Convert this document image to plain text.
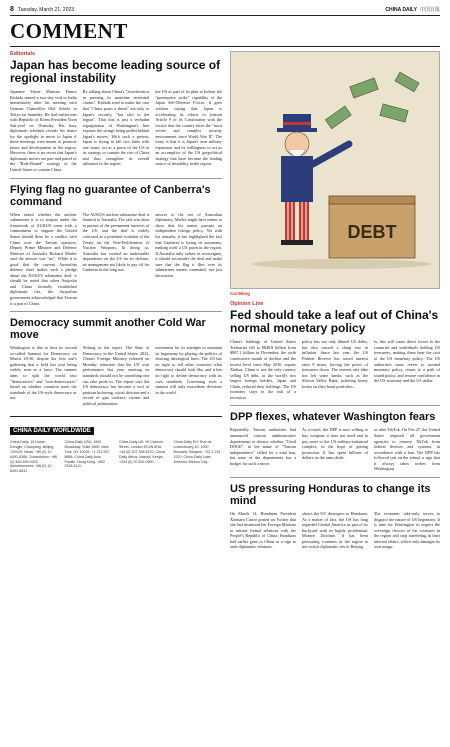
8 Tuesday, March 21, 2023	CHINA DAILY 中国日报
COMMENT
Editorials
Japan has become leading source of regional instability

Japanese Prime Minister Fumio Kishida started a two-day visit to India immediately after his meeting with German Chancellor Olaf Scholz in Tokyo on Saturday. He had earlier met with Republic of Korea President Yoon Suk-yeol on Thursday. His busy diplomatic schedule reveals his desire for the spotlight to move to Japan if these meetings were meant to promote peace and development in the region. However, there is no secret that Japan's diplomatic moves are part and parcel of the "Rule-Bound" strategy of the United States to contain China.

By talking about China's "assertiveness in pressing its maritime territorial claims", Kishida tried to make the case that "China poses a threat" not only to Japan's security, "but also to the region". That this is just a verbatim regurgitation of Washington's line exposes the strings being pulled behind Japan's moves. With such a pretext, Japan is trying to kill two birds with one stone: act as a pawn of the US in its strategy to contain the rise of China and thus strengthen its overall influence in the region.

the US as part of its plan to bolster the "preemptive strike" capability of the Japan Self-Defense Forces. It goes without saying that Japan is accelerating its efforts to jettison Article 9 of its Constitution with the excuse that the country faces the "most severe and complex security environment since World War II". The irony is that it is Japan's own military expansion and its willingness to act as an accomplice of the US geopolitical strategy that have become the leading source of instability in the region.

Flying flag no guarantee of Canberra's command

When asked whether the nuclear submarines it is to acquire under the framework of AUKUS come with a commitment to support the United States should there be a conflict with China over the Taiwan question, Deputy Prime Minister and Defense Minister of Australia Richard Marles said the answer was "no". While it is good that the current Australian defense chief makes such a pledge about the AUKUS submarine deal, it should be noted that when Australia and China formally established diplomatic ties, the Australian government acknowledged that Taiwan is a part of China.

The AUKUS nuclear submarine deal is harmful to Australia. The sale was done in pursuit of the preeminent interests of the US, and the deal is widely criticized as a potential violation of the Treaty on the Non-Proliferation of Nuclear Weapons. In doing so, Australia has created an undesirable dependence on the US for its defense, an arrangement not likely to pay off for Canberra in the long run.

answer to the test of Australian diplomacy. Marles might have meant to show that his nation pursues an independent foreign policy. Yet with his remarks, it has highlighted the fact that Canberra is losing its autonomy, making itself a US pawn in the region. If Australia truly values its sovereignty, it should reconsider the deal and make sure that the flag it flies over its submarines means command, not just decoration.

Democracy summit another Cold War move

Washington is due to host its second so-called Summit for Democracy on March 29-30, despite the first one's gathering that it held last year being widely seen as a farce. The summit aims to split the world into "democracies" and "non-democracies" based on whether countries meet the standards of the US-style democracy or not.

Writing in the report, The State of Democracy in the United States: 2022, China's Foreign Ministry released on Monday, reiterates that the US' own performance last year, meeting its standards should not be something one can take pride in. The report says the US democracy has become a tool of partisan bickering, social division and a record of gun violence, racism and political polarization.

movement for its attempts to maintain its hegemony by playing the politics of drawing ideological lines. The US has no right to tell other countries what democracy should look like, and it has no right to define democracy with its own standards. Convening such a summit will only exacerbate divisions in the world.

CHINA DAILY WORLDWIDE
China Daily: 15 Huixin Dongjie, Chaoyang, Beijing 100029. News: +86 (0) 10 6491-8366. Subscription: +86 (0) 400-699-0203. Advertisement: +86 (0) 10 6491-8631.
China Daily USA: 1500 Broadway, Suite 2800, New York, NY 10036. +1 212 537 8888. China Daily Asia Pacific: Hong Kong. +852 2518 5111.
China Daily UK: 90 Cannon Street, London EC4N 6HA. +44 (0) 207 398 8270. China Daily Africa: Nairobi, Kenya. +254 (0) 20 692 0900.
China Daily EU: Rue de Luxembourg 20, 1000 Brussels, Belgium. +32 2 234 7670. China Daily Latin America: Mexico City.
DEBT
Cai Meng
Opinion Line
Fed should take a leaf out of China's normal monetary policy

China's holdings of United States Treasuries fell to $848.8 billion from $867.1 billion in December, the sixth consecutive month of decline and the lowest level since May 2010, reports Xinhua. China is not the only country selling US debt, as the world's two largest foreign holders, Japan and China, reduced their holdings. The US economy stays in the risk of a recession.

policy has not only diluted US debts, but also caused a sharp rise in inflation. Since last year, the US Federal Reserve has raised interest rates 8 times, forcing the prices of treasuries down. The interest rate hike has left some banks, such as the Silicon Valley Bank, suffering heavy losses on their bond portfolios.

rs, this will cause direct losses to the countries and individuals holding US treasuries, making them bear the cost of the US monetary policy. The US authorities must revert to normal monetary policy, return to a path of sound policy, and restore confidence in the US economy and the US dollar.

DPP flexes, whatever Washington fears

Reportedly, Taiwan authorities had announced various administrative departments to discuss whether "Good DOGE", in the name of "Taiwan independence" called for a total ban, but none of the departments has a budget for such a move.

As a result, the DPP is now willing to buy weapons it does not need and to pay more to the US military-industrial complex, in the hope of getting protection. It has spent billions of dollars on the arms deals.

as after TikTok. On Feb 27, the United States required all government agencies to remove TikTok from federal devices and systems, in accordance with a ban. The DPP has followed suit on the island, a sign that it always takes orders from Washington.

US pressuring Honduras to change its mind

On March 14, Honduran President Xiomara Castro posted on Twitter that she had instructed her Foreign Minister to initiate formal relations with the People's Republic of China. Honduras had earlier gone to China as a sign to seek diplomatic relations.

shows the US' disrespect to Honduras. As a matter of fact, the US has long regarded Central America as part of its backyard with its highly problematic Monroe Doctrine. It has been pressuring countries in the region to not switch diplomatic ties to Beijing.

The economic take-only serves to disgrace the nature of US hegemony. It is time for Washington to respect the sovereign choices of the countries in the region and stop interfering in their internal affairs, which only damages its own image.
